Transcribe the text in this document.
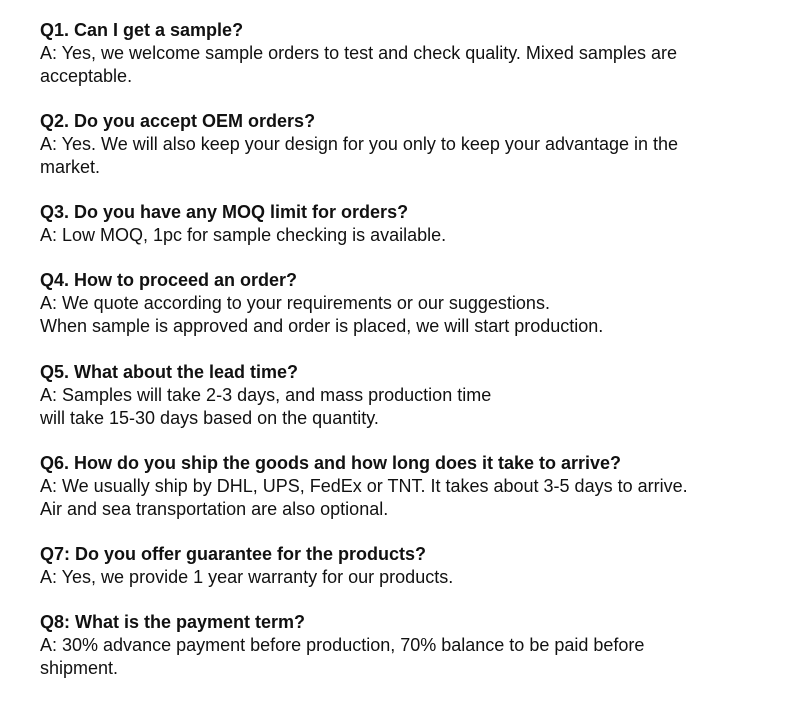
Q1. Can I get a sample?
A: Yes, we welcome sample orders to test and check quality. Mixed samples are
acceptable.
Q2. Do you accept OEM orders?
A: Yes. We will also keep your design for you only to keep your advantage in the
market.
Q3. Do you have any MOQ limit for orders?
A: Low MOQ, 1pc for sample checking is available.
Q4. How to proceed an order?
A: We quote according to your requirements or our suggestions.
When sample is approved and order is placed, we will start production.
Q5. What about the lead time?
A: Samples will take 2-3 days, and mass production time
will take 15-30 days based on the quantity.
Q6. How do you ship the goods and how long does it take to arrive?
A: We usually ship by DHL, UPS, FedEx or TNT. It takes about 3-5 days to arrive.
Air and sea transportation are also optional.
Q7: Do you offer guarantee for the products?
A: Yes, we provide 1 year warranty for our products.
Q8: What is the payment term?
A: 30% advance payment before production, 70% balance to be paid before
shipment.
